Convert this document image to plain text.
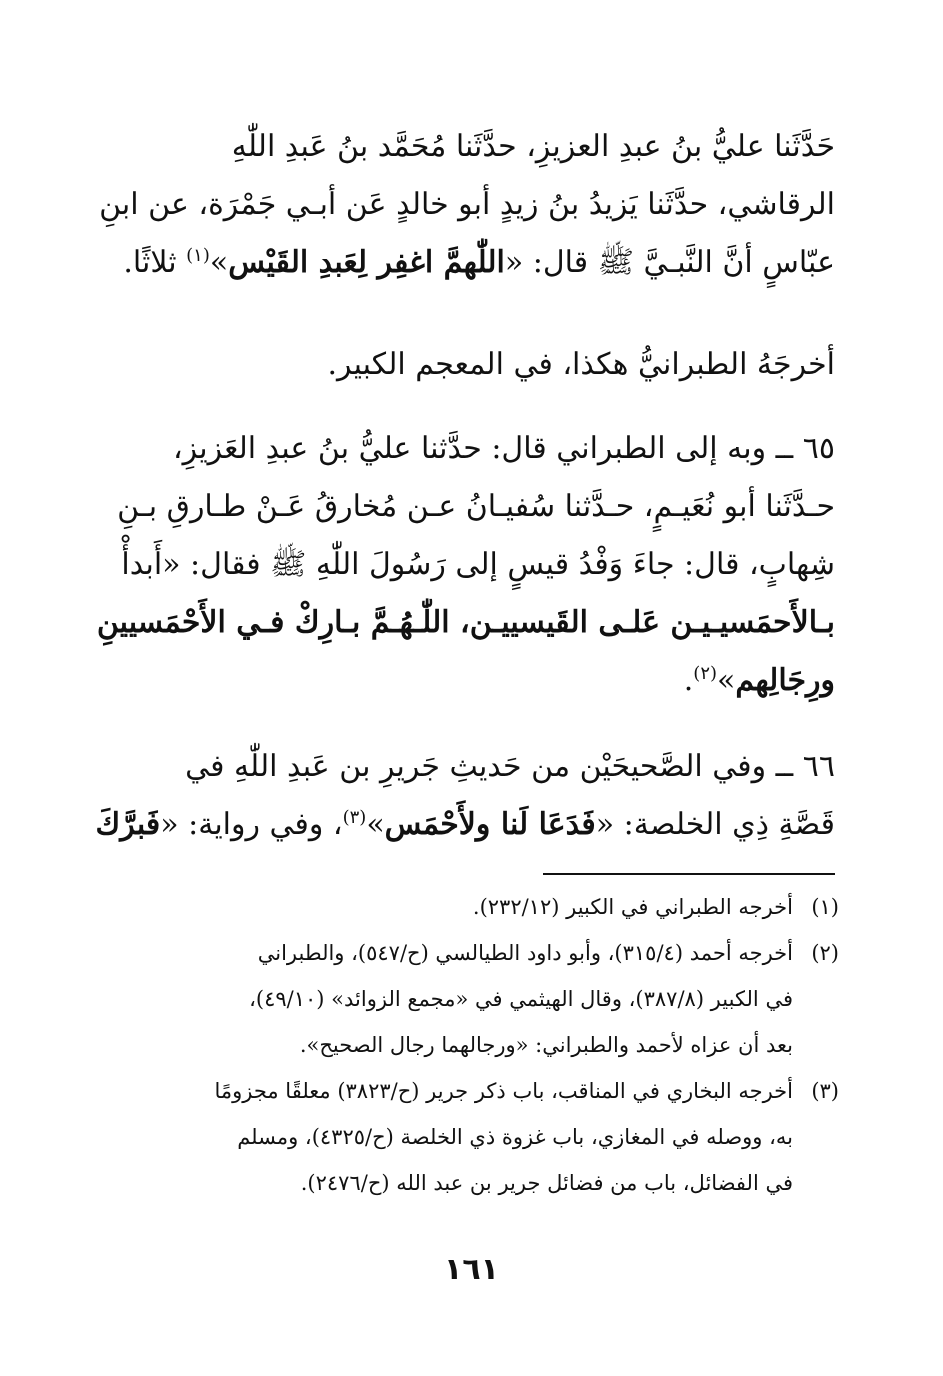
حَدَّثَنا عليُّ بنُ عبدِ العزيزِ، حدَّثَنا مُحَمَّد بنُ عَبدِ اللّٰهِ
الرقاشي، حدَّثَنا يَزيدُ بنُ زيدٍ أبو خالدٍ عَن أبـي جَمْرَة، عن ابنِ
عبّاسٍ أنَّ النَّبـيَّ ﷺ قال: «اللّٰهمَّ اغفِر لِعَبدِ القَيْس»$^{(١)}$ ثلاثًا.
أخرجَهُ الطبرانيُّ هكذا، في المعجم الكبير.
٦٥ ــ وبه إلى الطبراني قال: حدَّثنا عليُّ بنُ عبدِ العَزيزِ،
حـدَّثَنا أبو نُعَيـمٍ، حـدَّثنا سُفيـانُ عـن مُخارقُ عَـنْ طـارقِ بـنِ
شِهابٍ، قال: جاءَ وَفْدُ قيسٍ إلى رَسُولَ اللّٰهِ ﷺ فقال: «أَبدأْ
بـالأَحمَسيـيـن عَلـى القَيسييـن، اللّٰـهُـمَّ بـارِكْ فـي الأَحْمَسيينِ
ورِجَالِهم»$^{(٢)}$.
٦٦ ــ وفي الصَّحيحَيْن من حَديثِ جَريرِ بن عَبدِ اللّٰهِ في
قَصَّةِ ذِي الخلصة: «فَدَعَا لَنا ولأَحْمَس»$^{(٣)}$، وفي رواية: «فَبرَّكَ
(١)
أخرجه الطبراني في الكبير (٢٣٢/١٢).
(٢)
أخرجه أحمد (٣١٥/٤)، وأبو داود الطيالسي (ح/٥٤٧)، والطبراني
في الكبير (٣٨٧/٨)، وقال الهيثمي في «مجمع الزوائد» (٤٩/١٠)،
بعد أن عزاه لأحمد والطبراني: «ورجالهما رجال الصحيح».
(٣)
أخرجه البخاري في المناقب، باب ذكر جرير (ح/٣٨٢٣) معلقًا مجزومًا
به، ووصله في المغازي، باب غزوة ذي الخلصة (ح/٤٣٢٥)، ومسلم
في الفضائل، باب من فضائل جرير بن عبد الله (ح/٢٤٧٦).
١٦١
